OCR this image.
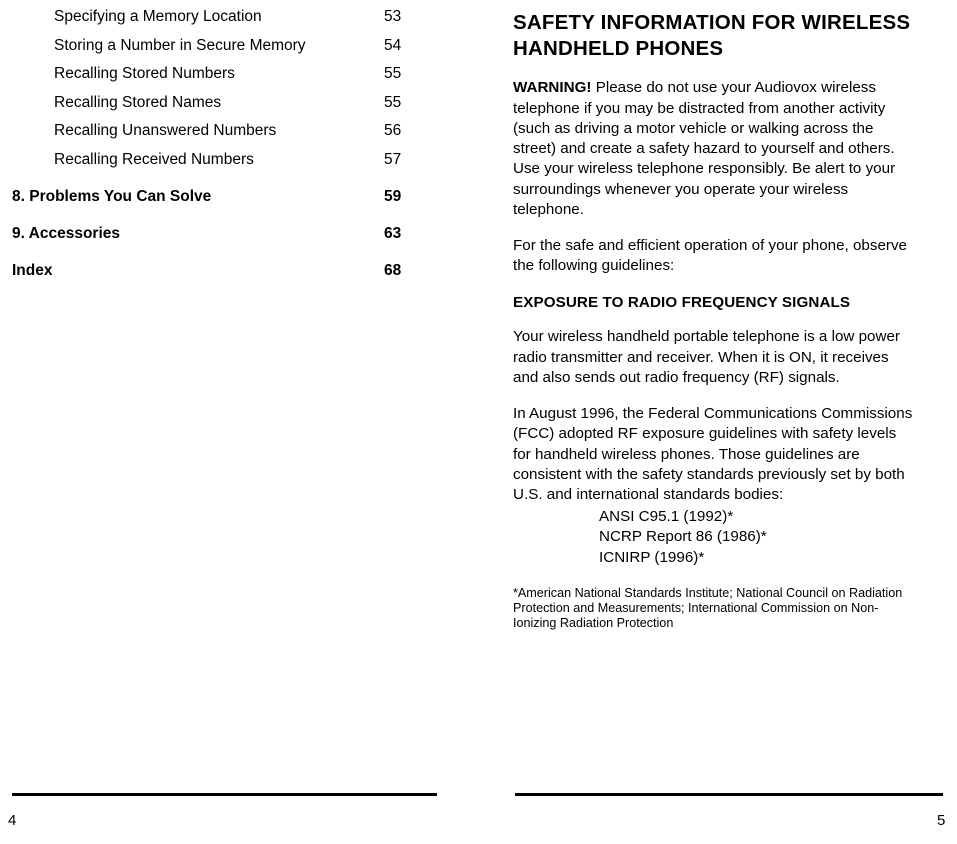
Specifying a Memory Location	53
Storing a Number in Secure Memory	54
Recalling Stored Numbers	55
Recalling Stored Names	55
Recalling Unanswered Numbers	56
Recalling Received Numbers	57
8. Problems You Can Solve	59
9. Accessories	63
Index	68
4
SAFETY INFORMATION FOR WIRELESS HANDHELD PHONES

WARNING! Please do not use your Audiovox wireless telephone if you may be distracted from another activity (such as driving a motor vehicle or walking across the street) and create a safety hazard to yourself and others. Use your wireless telephone responsibly. Be alert to your surroundings whenever you operate your wireless telephone.

For the safe and efficient operation of your phone, observe the following guidelines:

EXPOSURE TO RADIO FREQUENCY SIGNALS

Your wireless handheld portable telephone is a low power radio transmitter and receiver. When it is ON, it receives and also sends out radio frequency (RF) signals.

In August 1996, the Federal Communications Commissions (FCC) adopted RF exposure guidelines with safety levels for handheld wireless phones. Those guidelines are consistent with the safety standards previously set by both U.S. and international standards bodies:

ANSI C95.1 (1992)*
NCRP Report 86 (1986)*
ICNIRP (1996)*

*American National Standards Institute; National Council on Radiation Protection and Measurements; International Commission on Non-Ionizing Radiation Protection

5
